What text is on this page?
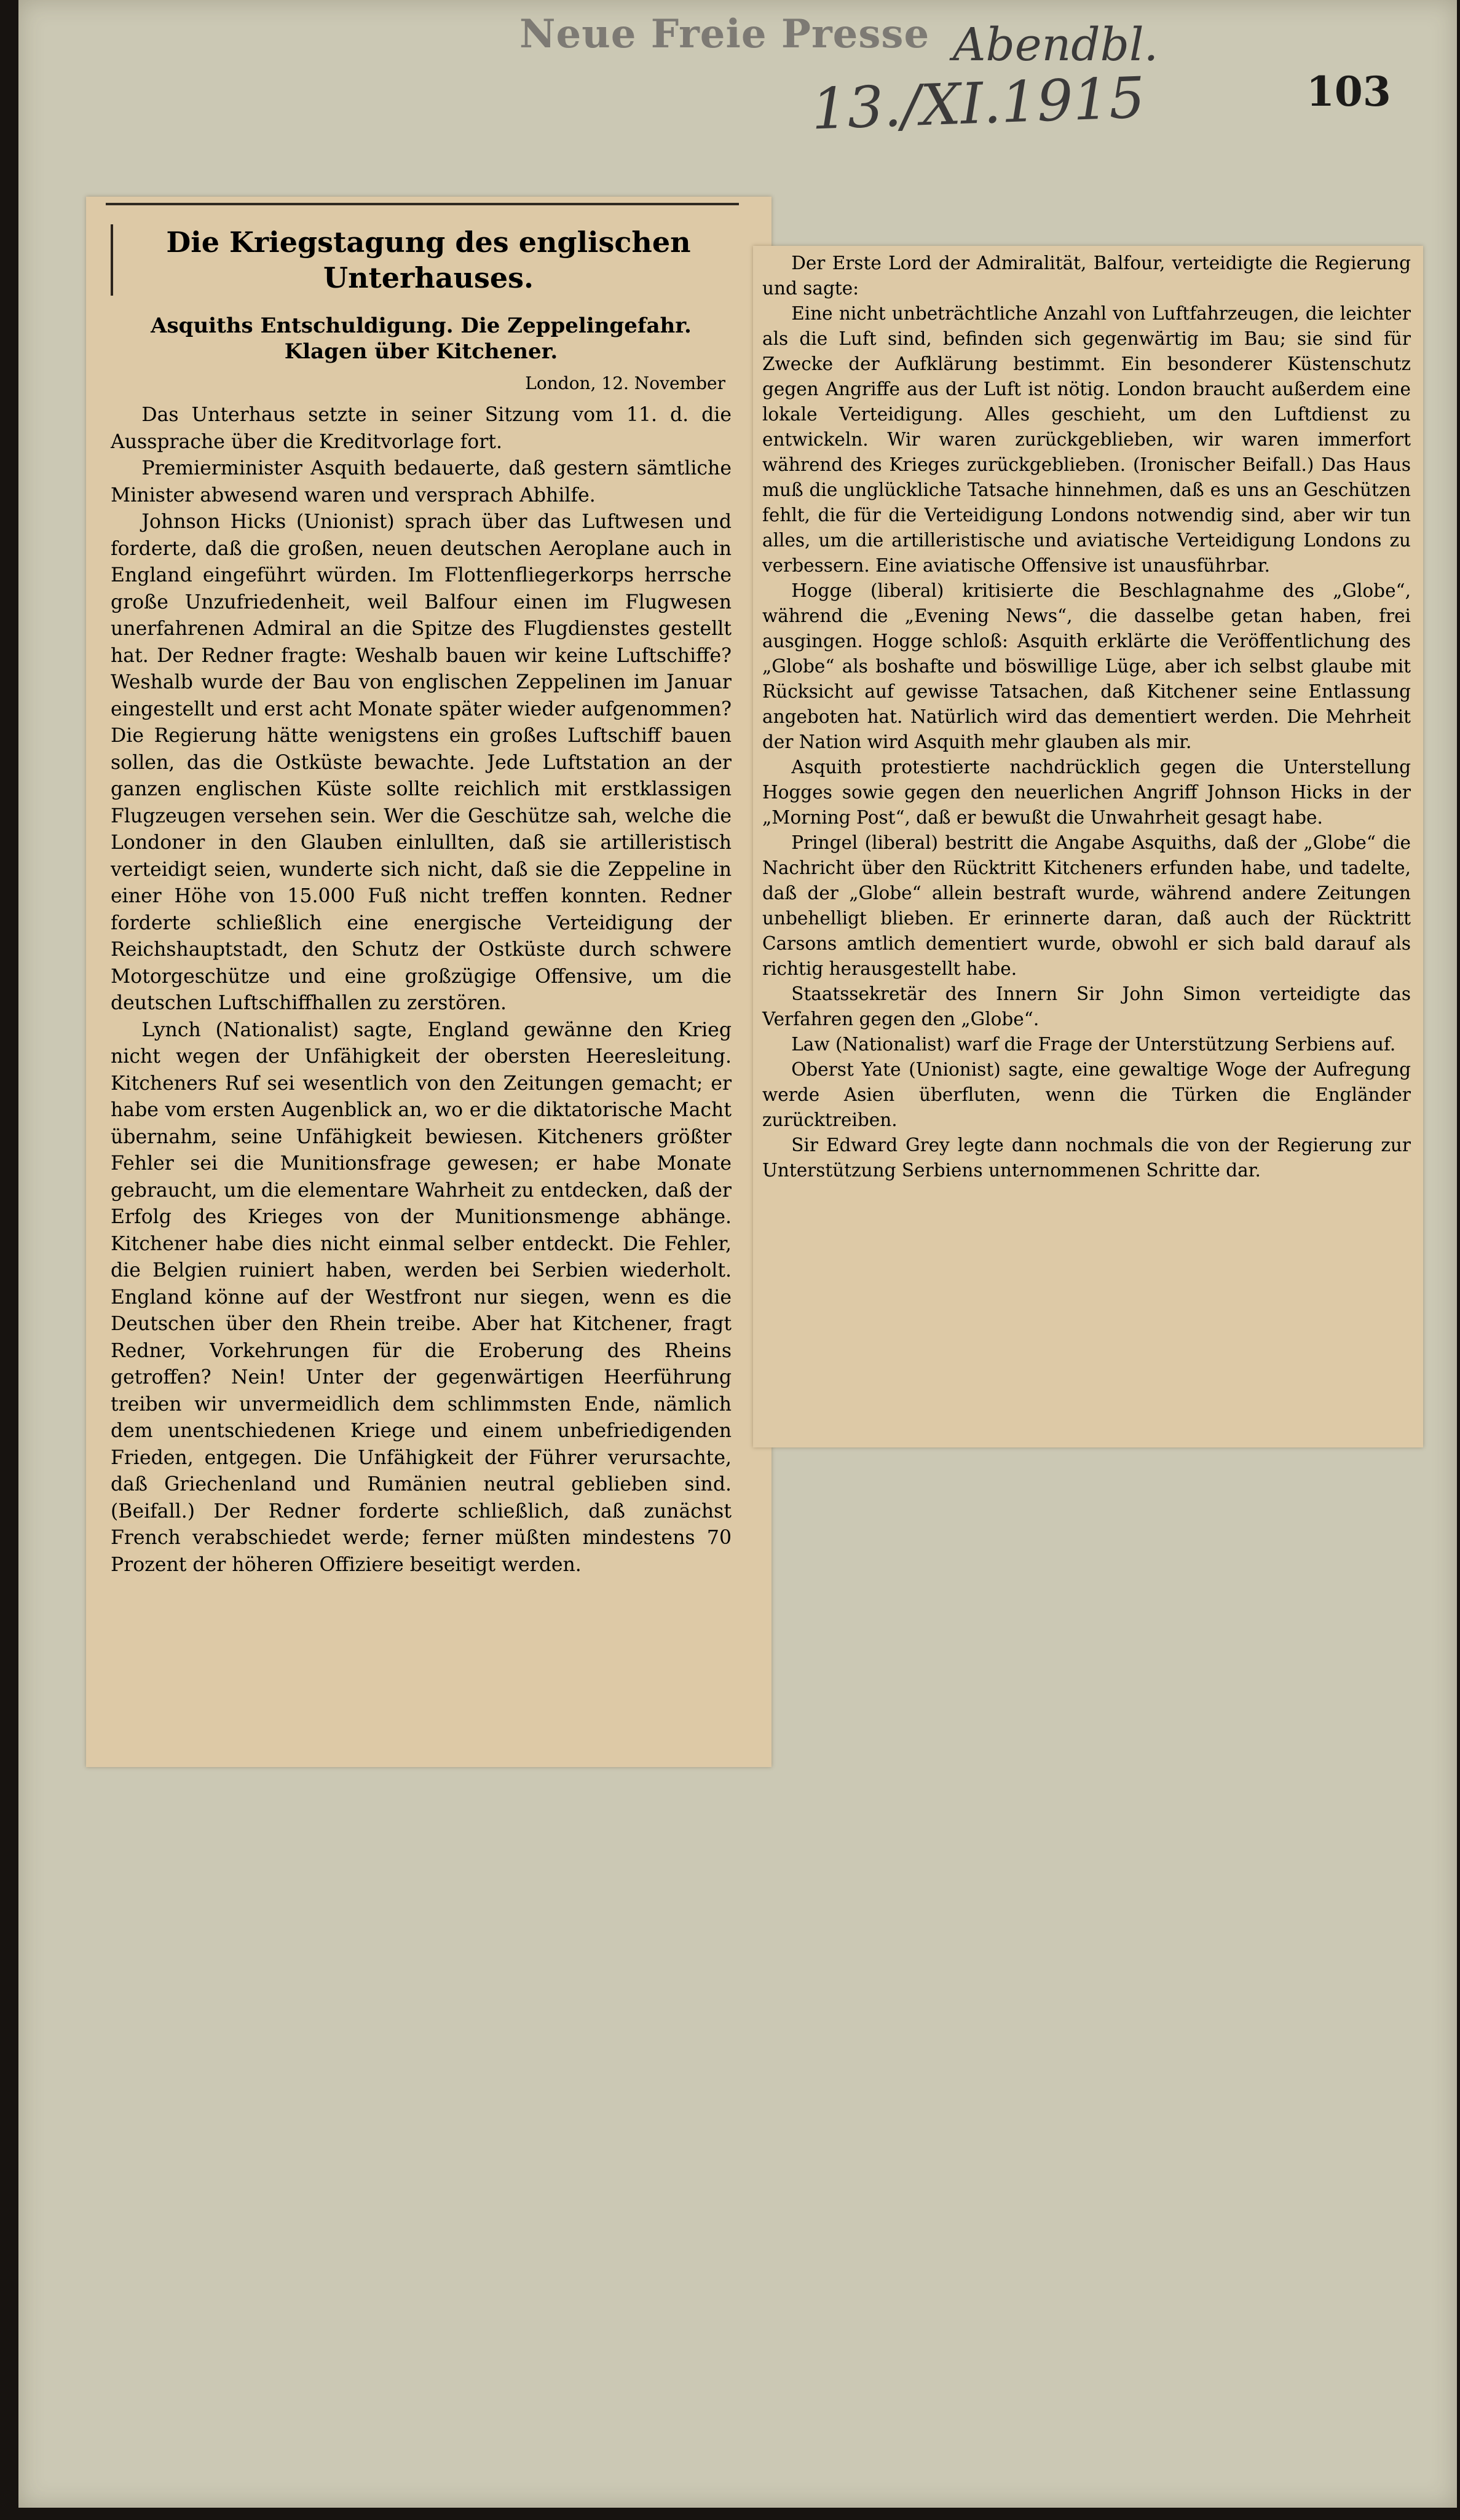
Neue Freie Presse Abendbl.
13./XI.1915	103
Die Kriegstagung des englischen Unterhauses.
Asquiths Entschuldigung. Die Zeppelingefahr. Klagen über Kitchener.
London, 12. November

Das Unterhaus setzte in seiner Sitzung vom 11. d. die Aussprache über die Kreditvorlage fort.

Premierminister Asquith bedauerte, daß gestern sämtliche Minister abwesend waren und versprach Abhilfe.

Johnson Hicks (Unionist) sprach über das Luftwesen und forderte, daß die großen, neuen deutschen Aeroplane auch in England eingeführt würden. Im Flottenfliegerkorps herrsche große Unzufriedenheit, weil Balfour einen im Flugwesen unerfahrenen Admiral an die Spitze des Flugdienstes gestellt hat. Der Redner fragte: Weshalb bauen wir keine Luftschiffe? Weshalb wurde der Bau von englischen Zeppelinen im Januar eingestellt und erst acht Monate später wieder aufgenommen? Die Regierung hätte wenigstens ein großes Luftschiff bauen sollen, das die Ostküste bewachte. Jede Luftstation an der ganzen englischen Küste sollte reichlich mit erstklassigen Flugzeugen versehen sein. Wer die Geschütze sah, welche die Londoner in den Glauben einlullten, daß sie artilleristisch verteidigt seien, wunderte sich nicht, daß sie die Zeppeline in einer Höhe von 15.000 Fuß nicht treffen konnten. Redner forderte schließlich eine energische Verteidigung der Reichshauptstadt, den Schutz der Ostküste durch schwere Motorgeschütze und eine großzügige Offensive, um die deutschen Luftschiffhallen zu zerstören.

Lynch (Nationalist) sagte, England gewänne den Krieg nicht wegen der Unfähigkeit der obersten Heeresleitung. Kitcheners Ruf sei wesentlich von den Zeitungen gemacht; er habe vom ersten Augenblick an, wo er die diktatorische Macht übernahm, seine Unfähigkeit bewiesen. Kitcheners größter Fehler sei die Munitionsfrage gewesen; er habe Monate gebraucht, um die elementare Wahrheit zu entdecken, daß der Erfolg des Krieges von der Munitionsmenge abhänge. Kitchener habe dies nicht einmal selber entdeckt. Die Fehler, die Belgien ruiniert haben, werden bei Serbien wiederholt. England könne auf der Westfront nur siegen, wenn es die Deutschen über den Rhein treibe. Aber hat Kitchener, fragt Redner, Vorkehrungen für die Eroberung des Rheins getroffen? Nein! Unter der gegenwärtigen Heerführung treiben wir unvermeidlich dem schlimmsten Ende, nämlich dem unentschiedenen Kriege und einem unbefriedigenden Frieden, entgegen. Die Unfähigkeit der Führer verursachte, daß Griechenland und Rumänien neutral geblieben sind. (Beifall.) Der Redner forderte schließlich, daß zunächst French verabschiedet werde; ferner müßten mindestens 70 Prozent der höheren Offiziere beseitigt werden.

Der Erste Lord der Admiralität, Balfour, verteidigte die Regierung und sagte:

Eine nicht unbeträchtliche Anzahl von Luftfahrzeugen, die leichter als die Luft sind, befinden sich gegenwärtig im Bau; sie sind für Zwecke der Aufklärung bestimmt. Ein besonderer Küstenschutz gegen Angriffe aus der Luft ist nötig. London braucht außerdem eine lokale Verteidigung. Alles geschieht, um den Luftdienst zu entwickeln. Wir waren zurückgeblieben, wir waren immerfort während des Krieges zurückgeblieben. (Ironischer Beifall.) Das Haus muß die unglückliche Tatsache hinnehmen, daß es uns an Geschützen fehlt, die für die Verteidigung Londons notwendig sind, aber wir tun alles, um die artilleristische und aviatische Verteidigung Londons zu verbessern. Eine aviatische Offensive ist unausführbar.

Hogge (liberal) kritisierte die Beschlagnahme des „Globe“, während die „Evening News“, die dasselbe getan haben, frei ausgingen. Hogge schloß: Asquith erklärte die Veröffentlichung des „Globe“ als boshafte und böswillige Lüge, aber ich selbst glaube mit Rücksicht auf gewisse Tatsachen, daß Kitchener seine Entlassung angeboten hat. Natürlich wird das dementiert werden. Die Mehrheit der Nation wird Asquith mehr glauben als mir.

Asquith protestierte nachdrücklich gegen die Unterstellung Hogges sowie gegen den neuerlichen Angriff Johnson Hicks in der „Morning Post“, daß er bewußt die Unwahrheit gesagt habe.

Pringel (liberal) bestritt die Angabe Asquiths, daß der „Globe“ die Nachricht über den Rücktritt Kitcheners erfunden habe, und tadelte, daß der „Globe“ allein bestraft wurde, während andere Zeitungen unbehelligt blieben. Er erinnerte daran, daß auch der Rücktritt Carsons amtlich dementiert wurde, obwohl er sich bald darauf als richtig herausgestellt habe.

Staatssekretär des Innern Sir John Simon verteidigte das Verfahren gegen den „Globe“.

Law (Nationalist) warf die Frage der Unterstützung Serbiens auf.

Oberst Yate (Unionist) sagte, eine gewaltige Woge der Aufregung werde Asien überfluten, wenn die Türken die Engländer zurücktreiben.

Sir Edward Grey legte dann nochmals die von der Regierung zur Unterstützung Serbiens unternommenen Schritte dar.
